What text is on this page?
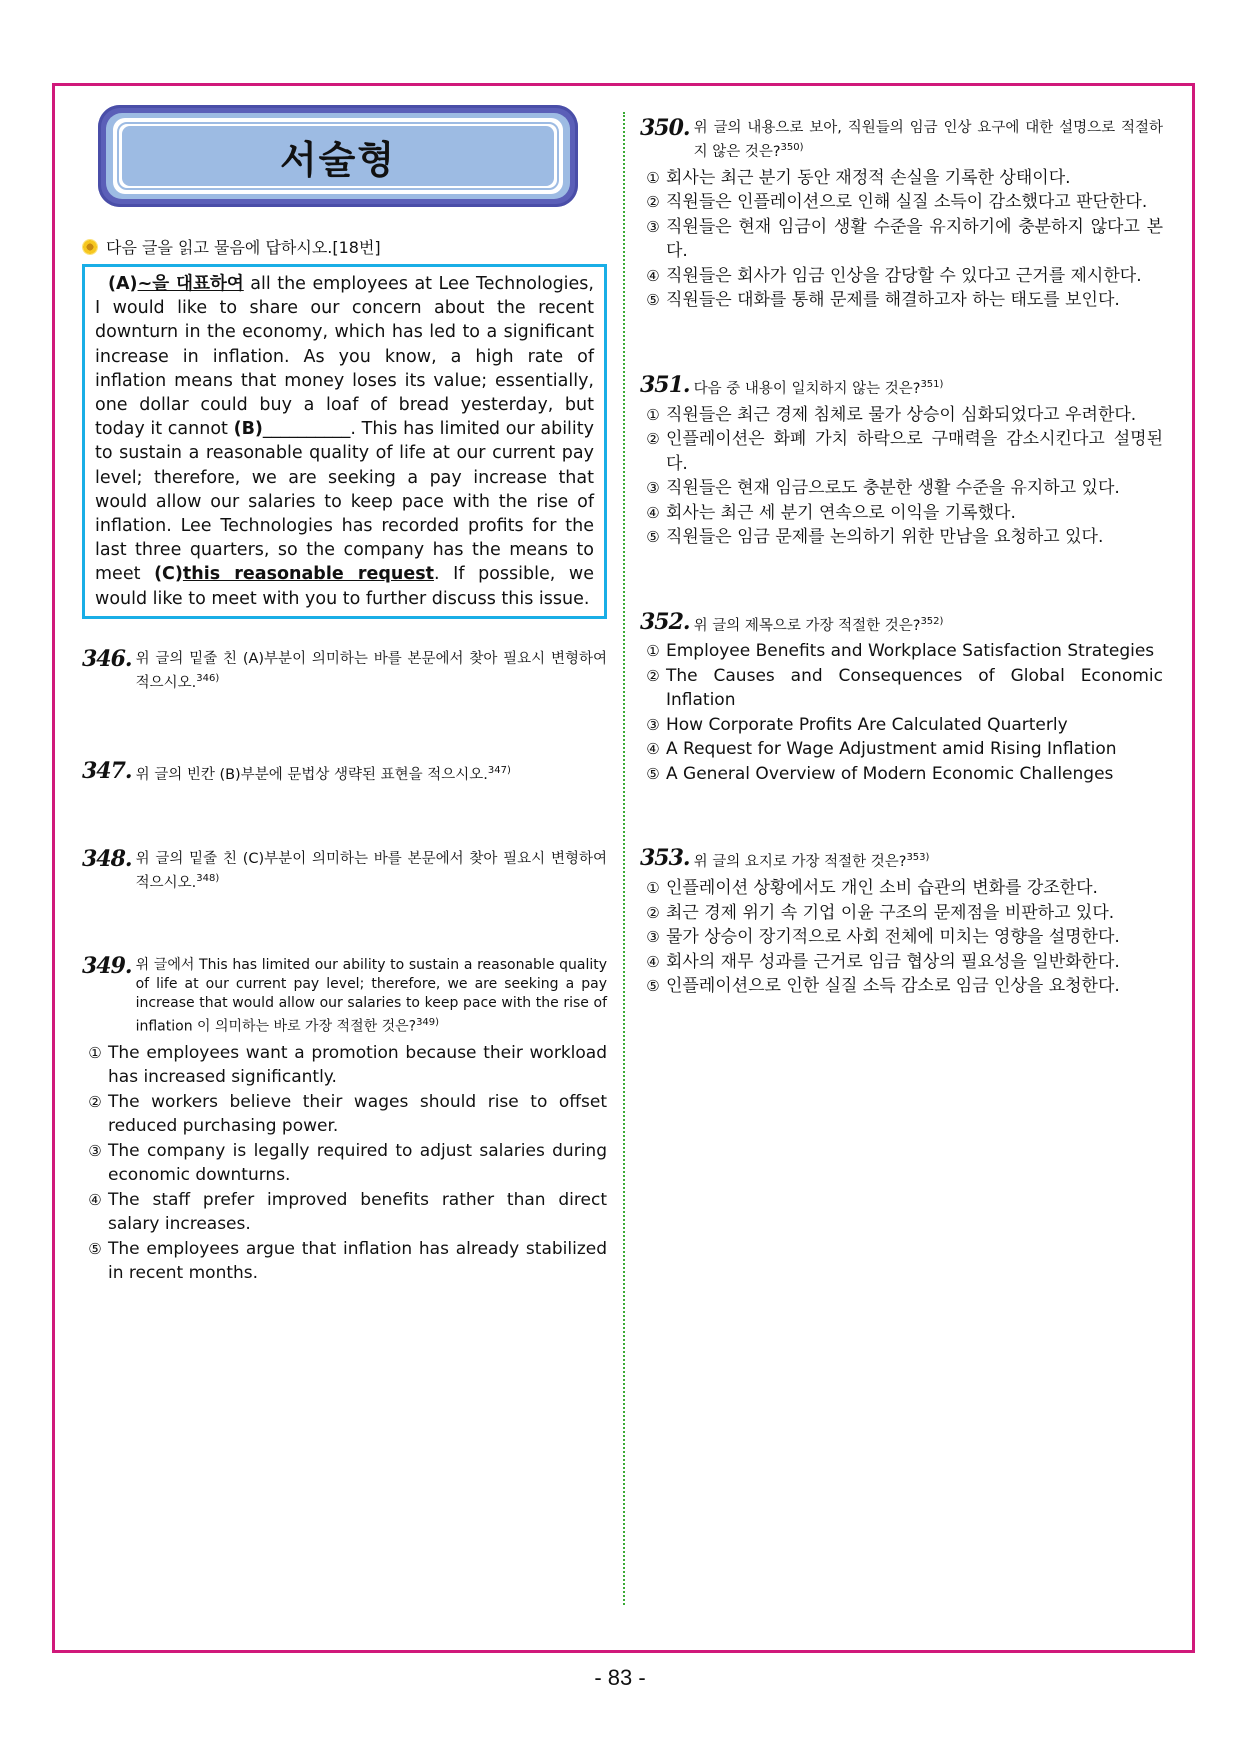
서술형
다음 글을 읽고 물음에 답하시오.[18번]
(A)~을 대표하여 all the employees at Lee Technologies, I would like to share our concern about the recent downturn in the economy, which has led to a significant increase in inflation. As you know, a high rate of inflation means that money loses its value; essentially, one dollar could buy a loaf of bread yesterday, but today it cannot (B)__________. This has limited our ability to sustain a reasonable quality of life at our current pay level; therefore, we are seeking a pay increase that would allow our salaries to keep pace with the rise of inflation. Lee Technologies has recorded profits for the last three quarters, so the company has the means to meet (C)this reasonable request. If possible, we would like to meet with you to further discuss this issue.
346. 위 글의 밑줄 친 (A)부분이 의미하는 바를 본문에서 찾아 필요시 변형하여 적으시오.$^{346)}$
347. 위 글의 빈칸 (B)부분에 문법상 생략된 표현을 적으시오.$^{347)}$
348. 위 글의 밑줄 친 (C)부분이 의미하는 바를 본문에서 찾아 필요시 변형하여 적으시오.$^{348)}$
349. 위 글에서 This has limited our ability to sustain a reasonable quality of life at our current pay level; therefore, we are seeking a pay increase that would allow our salaries to keep pace with the rise of inflation 이 의미하는 바로 가장 적절한 것은?$^{349)}$
① The employees want a promotion because their workload has increased significantly.
② The workers believe their wages should rise to offset reduced purchasing power.
③ The company is legally required to adjust salaries during economic downturns.
④ The staff prefer improved benefits rather than direct salary increases.
⑤ The employees argue that inflation has already stabilized in recent months.
350. 위 글의 내용으로 보아, 직원들의 임금 인상 요구에 대한 설명으로 적절하지 않은 것은?$^{350)}$
① 회사는 최근 분기 동안 재정적 손실을 기록한 상태이다.
② 직원들은 인플레이션으로 인해 실질 소득이 감소했다고 판단한다.
③ 직원들은 현재 임금이 생활 수준을 유지하기에 충분하지 않다고 본다.
④ 직원들은 회사가 임금 인상을 감당할 수 있다고 근거를 제시한다.
⑤ 직원들은 대화를 통해 문제를 해결하고자 하는 태도를 보인다.
351. 다음 중 내용이 일치하지 않는 것은?$^{351)}$
① 직원들은 최근 경제 침체로 물가 상승이 심화되었다고 우려한다.
② 인플레이션은 화폐 가치 하락으로 구매력을 감소시킨다고 설명된다.
③ 직원들은 현재 임금으로도 충분한 생활 수준을 유지하고 있다.
④ 회사는 최근 세 분기 연속으로 이익을 기록했다.
⑤ 직원들은 임금 문제를 논의하기 위한 만남을 요청하고 있다.
352. 위 글의 제목으로 가장 적절한 것은?$^{352)}$
① Employee Benefits and Workplace Satisfaction Strategies
② The Causes and Consequences of Global Economic Inflation
③ How Corporate Profits Are Calculated Quarterly
④ A Request for Wage Adjustment amid Rising Inflation
⑤ A General Overview of Modern Economic Challenges
353. 위 글의 요지로 가장 적절한 것은?$^{353)}$
① 인플레이션 상황에서도 개인 소비 습관의 변화를 강조한다.
② 최근 경제 위기 속 기업 이윤 구조의 문제점을 비판하고 있다.
③ 물가 상승이 장기적으로 사회 전체에 미치는 영향을 설명한다.
④ 회사의 재무 성과를 근거로 임금 협상의 필요성을 일반화한다.
⑤ 인플레이션으로 인한 실질 소득 감소로 임금 인상을 요청한다.
- 83 -
